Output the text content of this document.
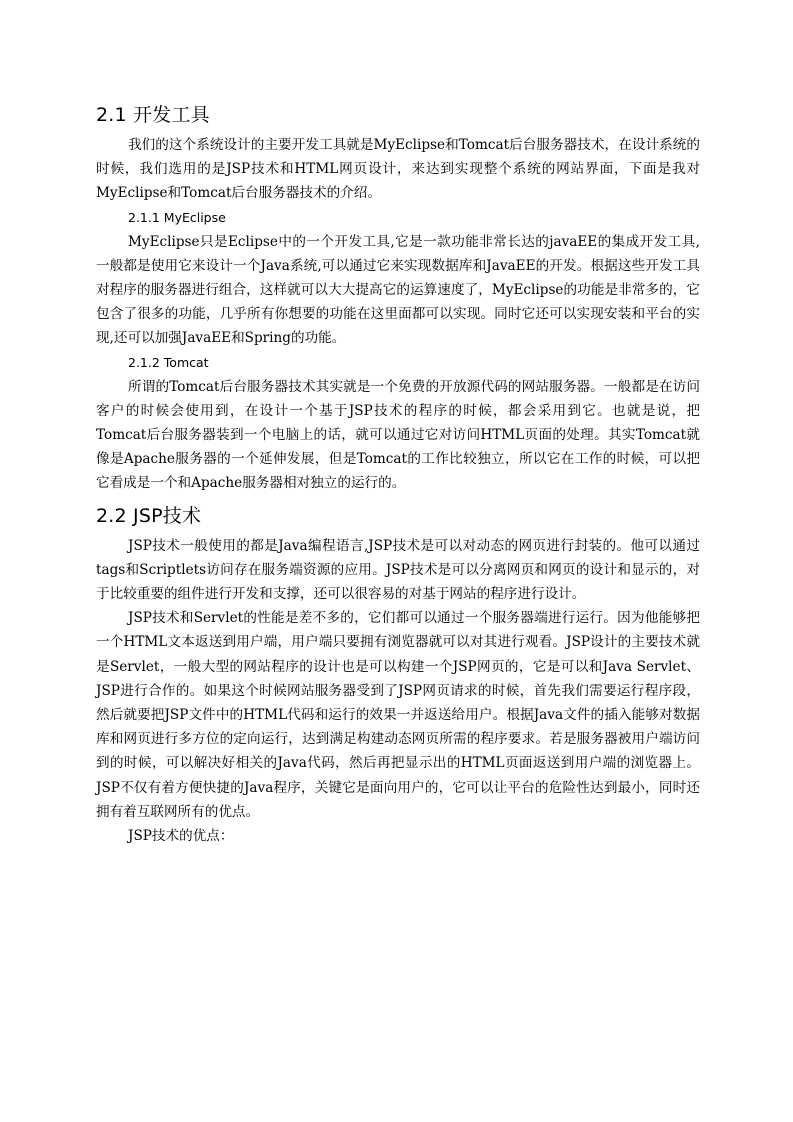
2.1 开发工具

我们的这个系统设计的主要开发工具就是MyEclipse和Tomcat后台服务器技术，在设计系统的时候，我们选用的是JSP技术和HTML网页设计，来达到实现整个系统的网站界面，下面是我对MyEclipse和Tomcat后台服务器技术的介绍。

2.1.1 MyEclipse

MyEclipse只是Eclipse中的一个开发工具,它是一款功能非常长达的javaEE的集成开发工具,一般都是使用它来设计一个Java系统,可以通过它来实现数据库和JavaEE的开发。根据这些开发工具对程序的服务器进行组合，这样就可以大大提高它的运算速度了，MyEclipse的功能是非常多的，它包含了很多的功能，几乎所有你想要的功能在这里面都可以实现。同时它还可以实现安装和平台的实现,还可以加强JavaEE和Spring的功能。

2.1.2 Tomcat

所谓的Tomcat后台服务器技术其实就是一个免费的开放源代码的网站服务器。一般都是在访问客户的时候会使用到，在设计一个基于JSP技术的程序的时候，都会采用到它。也就是说，把Tomcat后台服务器装到一个电脑上的话，就可以通过它对访问HTML页面的处理。其实Tomcat就像是Apache服务器的一个延伸发展，但是Tomcat的工作比较独立，所以它在工作的时候，可以把它看成是一个和Apache服务器相对独立的运行的。

2.2 JSP技术

JSP技术一般使用的都是Java编程语言,JSP技术是可以对动态的网页进行封装的。他可以通过tags和Scriptlets访问存在服务端资源的应用。JSP技术是可以分离网页和网页的设计和显示的，对于比较重要的组件进行开发和支撑，还可以很容易的对基于网站的程序进行设计。

JSP技术和Servlet的性能是差不多的，它们都可以通过一个服务器端进行运行。因为他能够把一个HTML文本返送到用户端，用户端只要拥有浏览器就可以对其进行观看。JSP设计的主要技术就是Servlet，一般大型的网站程序的设计也是可以构建一个JSP网页的，它是可以和Java Servlet、JSP进行合作的。如果这个时候网站服务器受到了JSP网页请求的时候，首先我们需要运行程序段，然后就要把JSP文件中的HTML代码和运行的效果一并返送给用户。根据Java文件的插入能够对数据库和网页进行多方位的定向运行，达到满足构建动态网页所需的程序要求。若是服务器被用户端访问到的时候，可以解决好相关的Java代码，然后再把显示出的HTML页面返送到用户端的浏览器上。JSP不仅有着方便快捷的Java程序，关键它是面向用户的，它可以让平台的危险性达到最小，同时还拥有着互联网所有的优点。

JSP技术的优点：
